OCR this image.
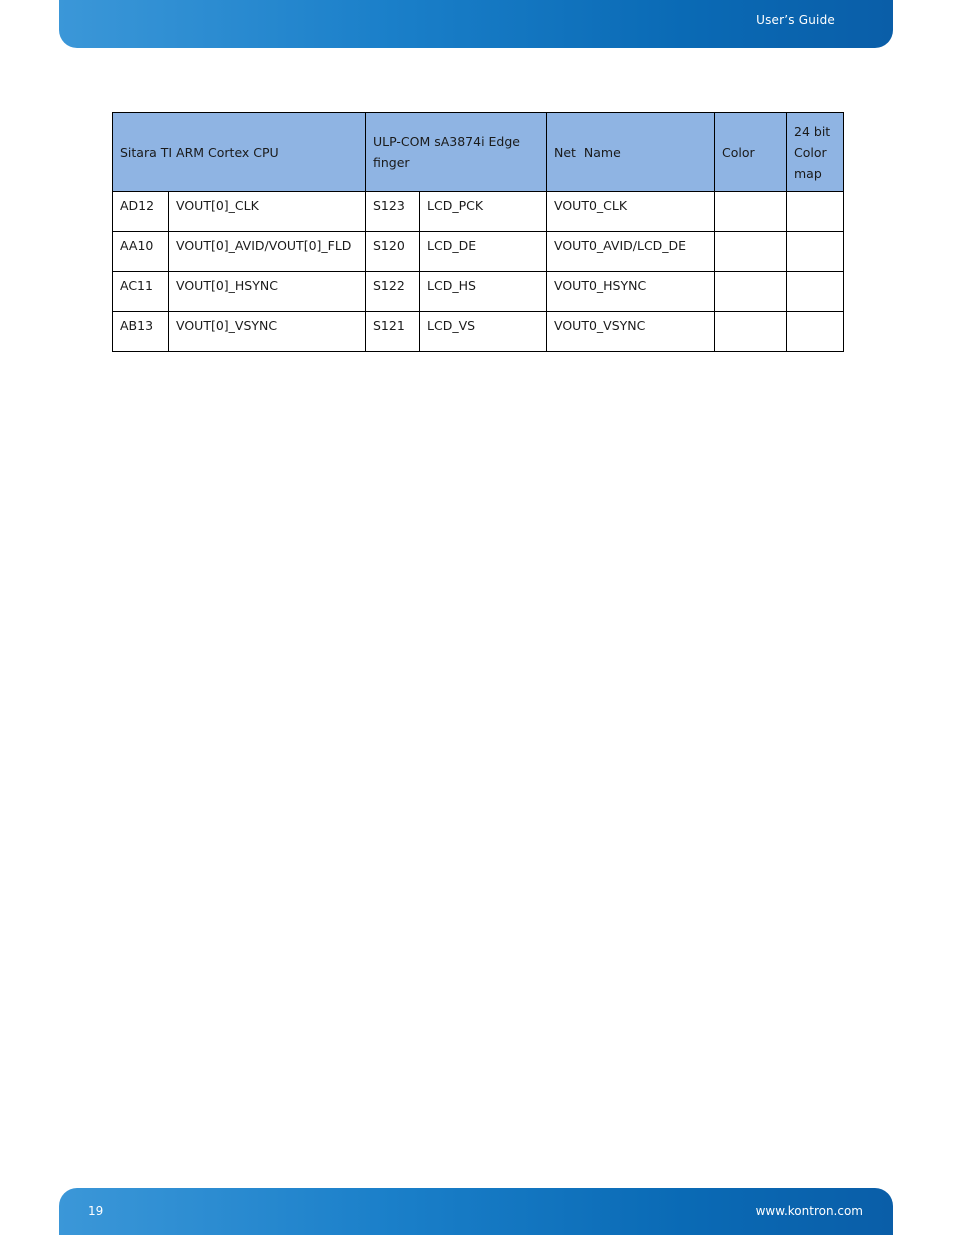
User’s Guide
Sitara TI ARM Cortex CPU		ULP-COM sA3874i Edge finger		Net  Name	Color	24 bit Color map
AD12	VOUT[0]_CLK	S123	LCD_PCK	VOUT0_CLK		
AA10	VOUT[0]_AVID/VOUT[0]_FLD	S120	LCD_DE	VOUT0_AVID/LCD_DE		
AC11	VOUT[0]_HSYNC	S122	LCD_HS	VOUT0_HSYNC		
AB13	VOUT[0]_VSYNC	S121	LCD_VS	VOUT0_VSYNC		
19	www.kontron.com
